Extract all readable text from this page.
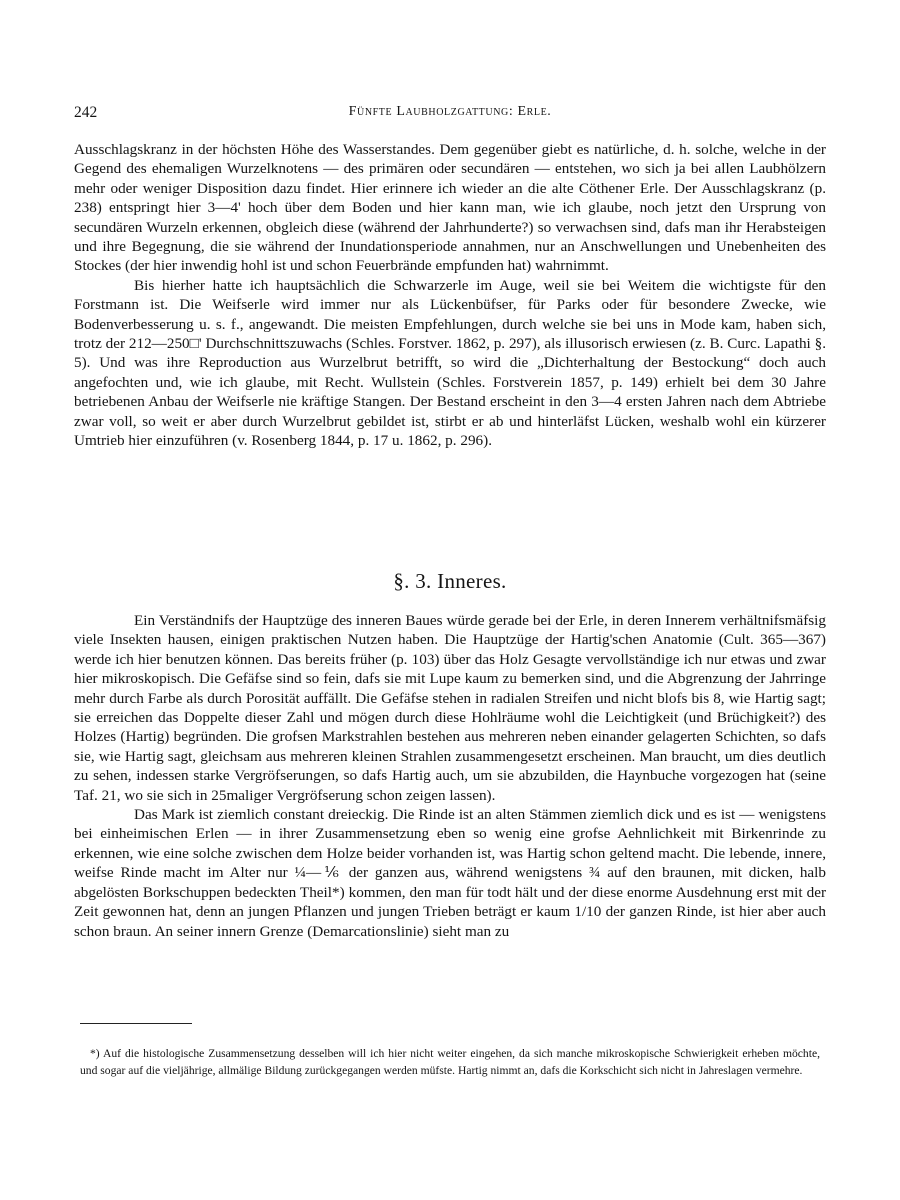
242	Fünfte Laubholzgattung: Erle.

Ausschlagskranz in der höchsten Höhe des Wasserstandes. Dem gegenüber giebt es natürliche, d. h. solche, welche in der Gegend des ehemaligen Wurzelknotens — des primären oder secundären — entstehen, wo sich ja bei allen Laubhölzern mehr oder weniger Disposition dazu findet. Hier erinnere ich wieder an die alte Cöthener Erle. Der Ausschlagskranz (p. 238) entspringt hier 3—4' hoch über dem Boden und hier kann man, wie ich glaube, noch jetzt den Ursprung von secundären Wurzeln erkennen, obgleich diese (während der Jahrhunderte?) so verwachsen sind, dafs man ihr Herabsteigen und ihre Begegnung, die sie während der Inundationsperiode annahmen, nur an Anschwellungen und Unebenheiten des Stockes (der hier inwendig hohl ist und schon Feuerbrände empfunden hat) wahrnimmt.

Bis hierher hatte ich hauptsächlich die Schwarzerle im Auge, weil sie bei Weitem die wichtigste für den Forstmann ist. Die Weifserle wird immer nur als Lückenbüfser, für Parks oder für besondere Zwecke, wie Bodenverbesserung u. s. f., angewandt. Die meisten Empfehlungen, durch welche sie bei uns in Mode kam, haben sich, trotz der 212—250□' Durchschnittszuwachs (Schles. Forstver. 1862, p. 297), als illusorisch erwiesen (z. B. Curc. Lapathi §. 5). Und was ihre Reproduction aus Wurzelbrut betrifft, so wird die „Dichterhaltung der Bestockung“ doch auch angefochten und, wie ich glaube, mit Recht. Wullstein (Schles. Forstverein 1857, p. 149) erhielt bei dem 30 Jahre betriebenen Anbau der Weifserle nie kräftige Stangen. Der Bestand erscheint in den 3—4 ersten Jahren nach dem Abtriebe zwar voll, so weit er aber durch Wurzelbrut gebildet ist, stirbt er ab und hinterläfst Lücken, weshalb wohl ein kürzerer Umtrieb hier einzuführen (v. Rosenberg 1844, p. 17 u. 1862, p. 296).

§. 3. Inneres.

Ein Verständnifs der Hauptzüge des inneren Baues würde gerade bei der Erle, in deren Innerem verhältnifsmäfsig viele Insekten hausen, einigen praktischen Nutzen haben. Die Hauptzüge der Hartig'schen Anatomie (Cult. 365—367) werde ich hier benutzen können. Das bereits früher (p. 103) über das Holz Gesagte vervollständige ich nur etwas und zwar hier mikroskopisch. Die Gefäfse sind so fein, dafs sie mit Lupe kaum zu bemerken sind, und die Abgrenzung der Jahrringe mehr durch Farbe als durch Porosität auffällt. Die Gefäfse stehen in radialen Streifen und nicht blofs bis 8, wie Hartig sagt; sie erreichen das Doppelte dieser Zahl und mögen durch diese Hohlräume wohl die Leichtigkeit (und Brüchigkeit?) des Holzes (Hartig) begründen. Die grofsen Markstrahlen bestehen aus mehreren neben einander gelagerten Schichten, so dafs sie, wie Hartig sagt, gleichsam aus mehreren kleinen Strahlen zusammengesetzt erscheinen. Man braucht, um dies deutlich zu sehen, indessen starke Vergröfserungen, so dafs Hartig auch, um sie abzubilden, die Haynbuche vorgezogen hat (seine Taf. 21, wo sie sich in 25maliger Vergröfserung schon zeigen lassen).

Das Mark ist ziemlich constant dreieckig. Die Rinde ist an alten Stämmen ziemlich dick und es ist — wenigstens bei einheimischen Erlen — in ihrer Zusammensetzung eben so wenig eine grofse Aehnlichkeit mit Birkenrinde zu erkennen, wie eine solche zwischen dem Holze beider vorhanden ist, was Hartig schon geltend macht. Die lebende, innere, weifse Rinde macht im Alter nur ¼—⅙ der ganzen aus, während wenigstens ¾ auf den braunen, mit dicken, halb abgelösten Borkschuppen bedeckten Theil*) kommen, den man für todt hält und der diese enorme Ausdehnung erst mit der Zeit gewonnen hat, denn an jungen Pflanzen und jungen Trieben beträgt er kaum 1/10 der ganzen Rinde, ist hier aber auch schon braun. An seiner innern Grenze (Demarcationslinie) sieht man zu

*) Auf die histologische Zusammensetzung desselben will ich hier nicht weiter eingehen, da sich manche mikroskopische Schwierigkeit erheben möchte, und sogar auf die vieljährige, allmälige Bildung zurückgegangen werden müfste. Hartig nimmt an, dafs die Korkschicht sich nicht in Jahreslagen vermehre.
